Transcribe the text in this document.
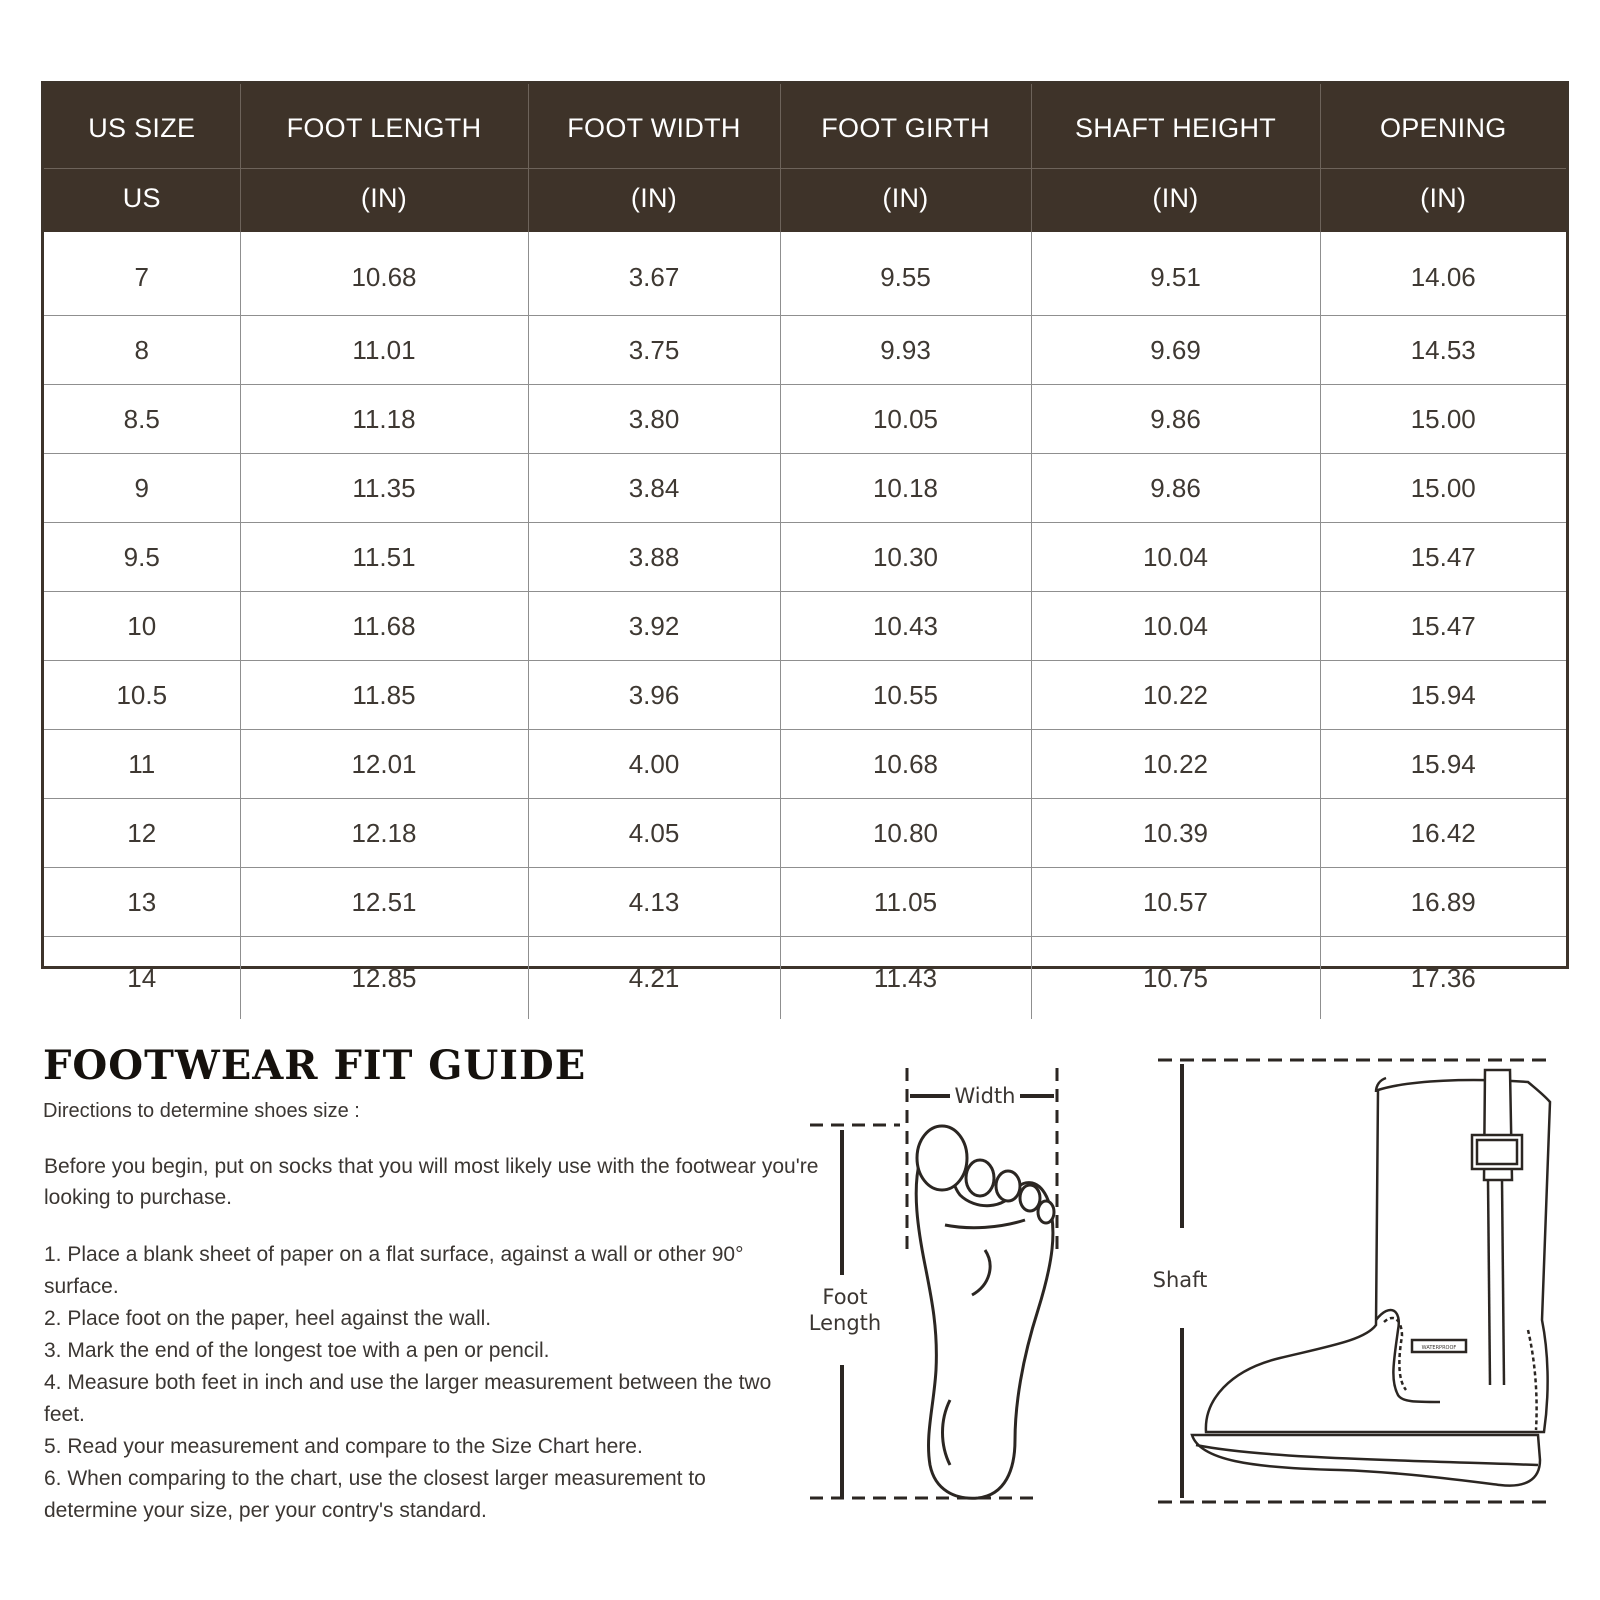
US SIZE	FOOT LENGTH	FOOT WIDTH	FOOT GIRTH	SHAFT HEIGHT	OPENING
US	(IN)	(IN)	(IN)	(IN)	(IN)
7	10.68	3.67	9.55	9.51	14.06
8	11.01	3.75	9.93	9.69	14.53
8.5	11.18	3.80	10.05	9.86	15.00
9	11.35	3.84	10.18	9.86	15.00
9.5	11.51	3.88	10.30	10.04	15.47
10	11.68	3.92	10.43	10.04	15.47
10.5	11.85	3.96	10.55	10.22	15.94
11	12.01	4.00	10.68	10.22	15.94
12	12.18	4.05	10.80	10.39	16.42
13	12.51	4.13	11.05	10.57	16.89
14	12.85	4.21	11.43	10.75	17.36
FOOTWEAR FIT GUIDE
Directions to determine shoes size :

Before you begin, put on socks that you will most likely use with the footwear you're looking to purchase.

1. Place a blank sheet of paper on a flat surface, against a wall or other 90° surface.
2. Place foot on the paper, heel against the wall.
3. Mark the end of the longest toe with a pen or pencil.
4. Measure both feet in inch and use the larger measurement between the two feet.
5. Read your measurement and compare to the Size Chart here.
6. When comparing to the chart, use the closest larger measurement to determine your size, per your contry's standard.
Width
Foot
Length
WATERPROOF
Shaft
